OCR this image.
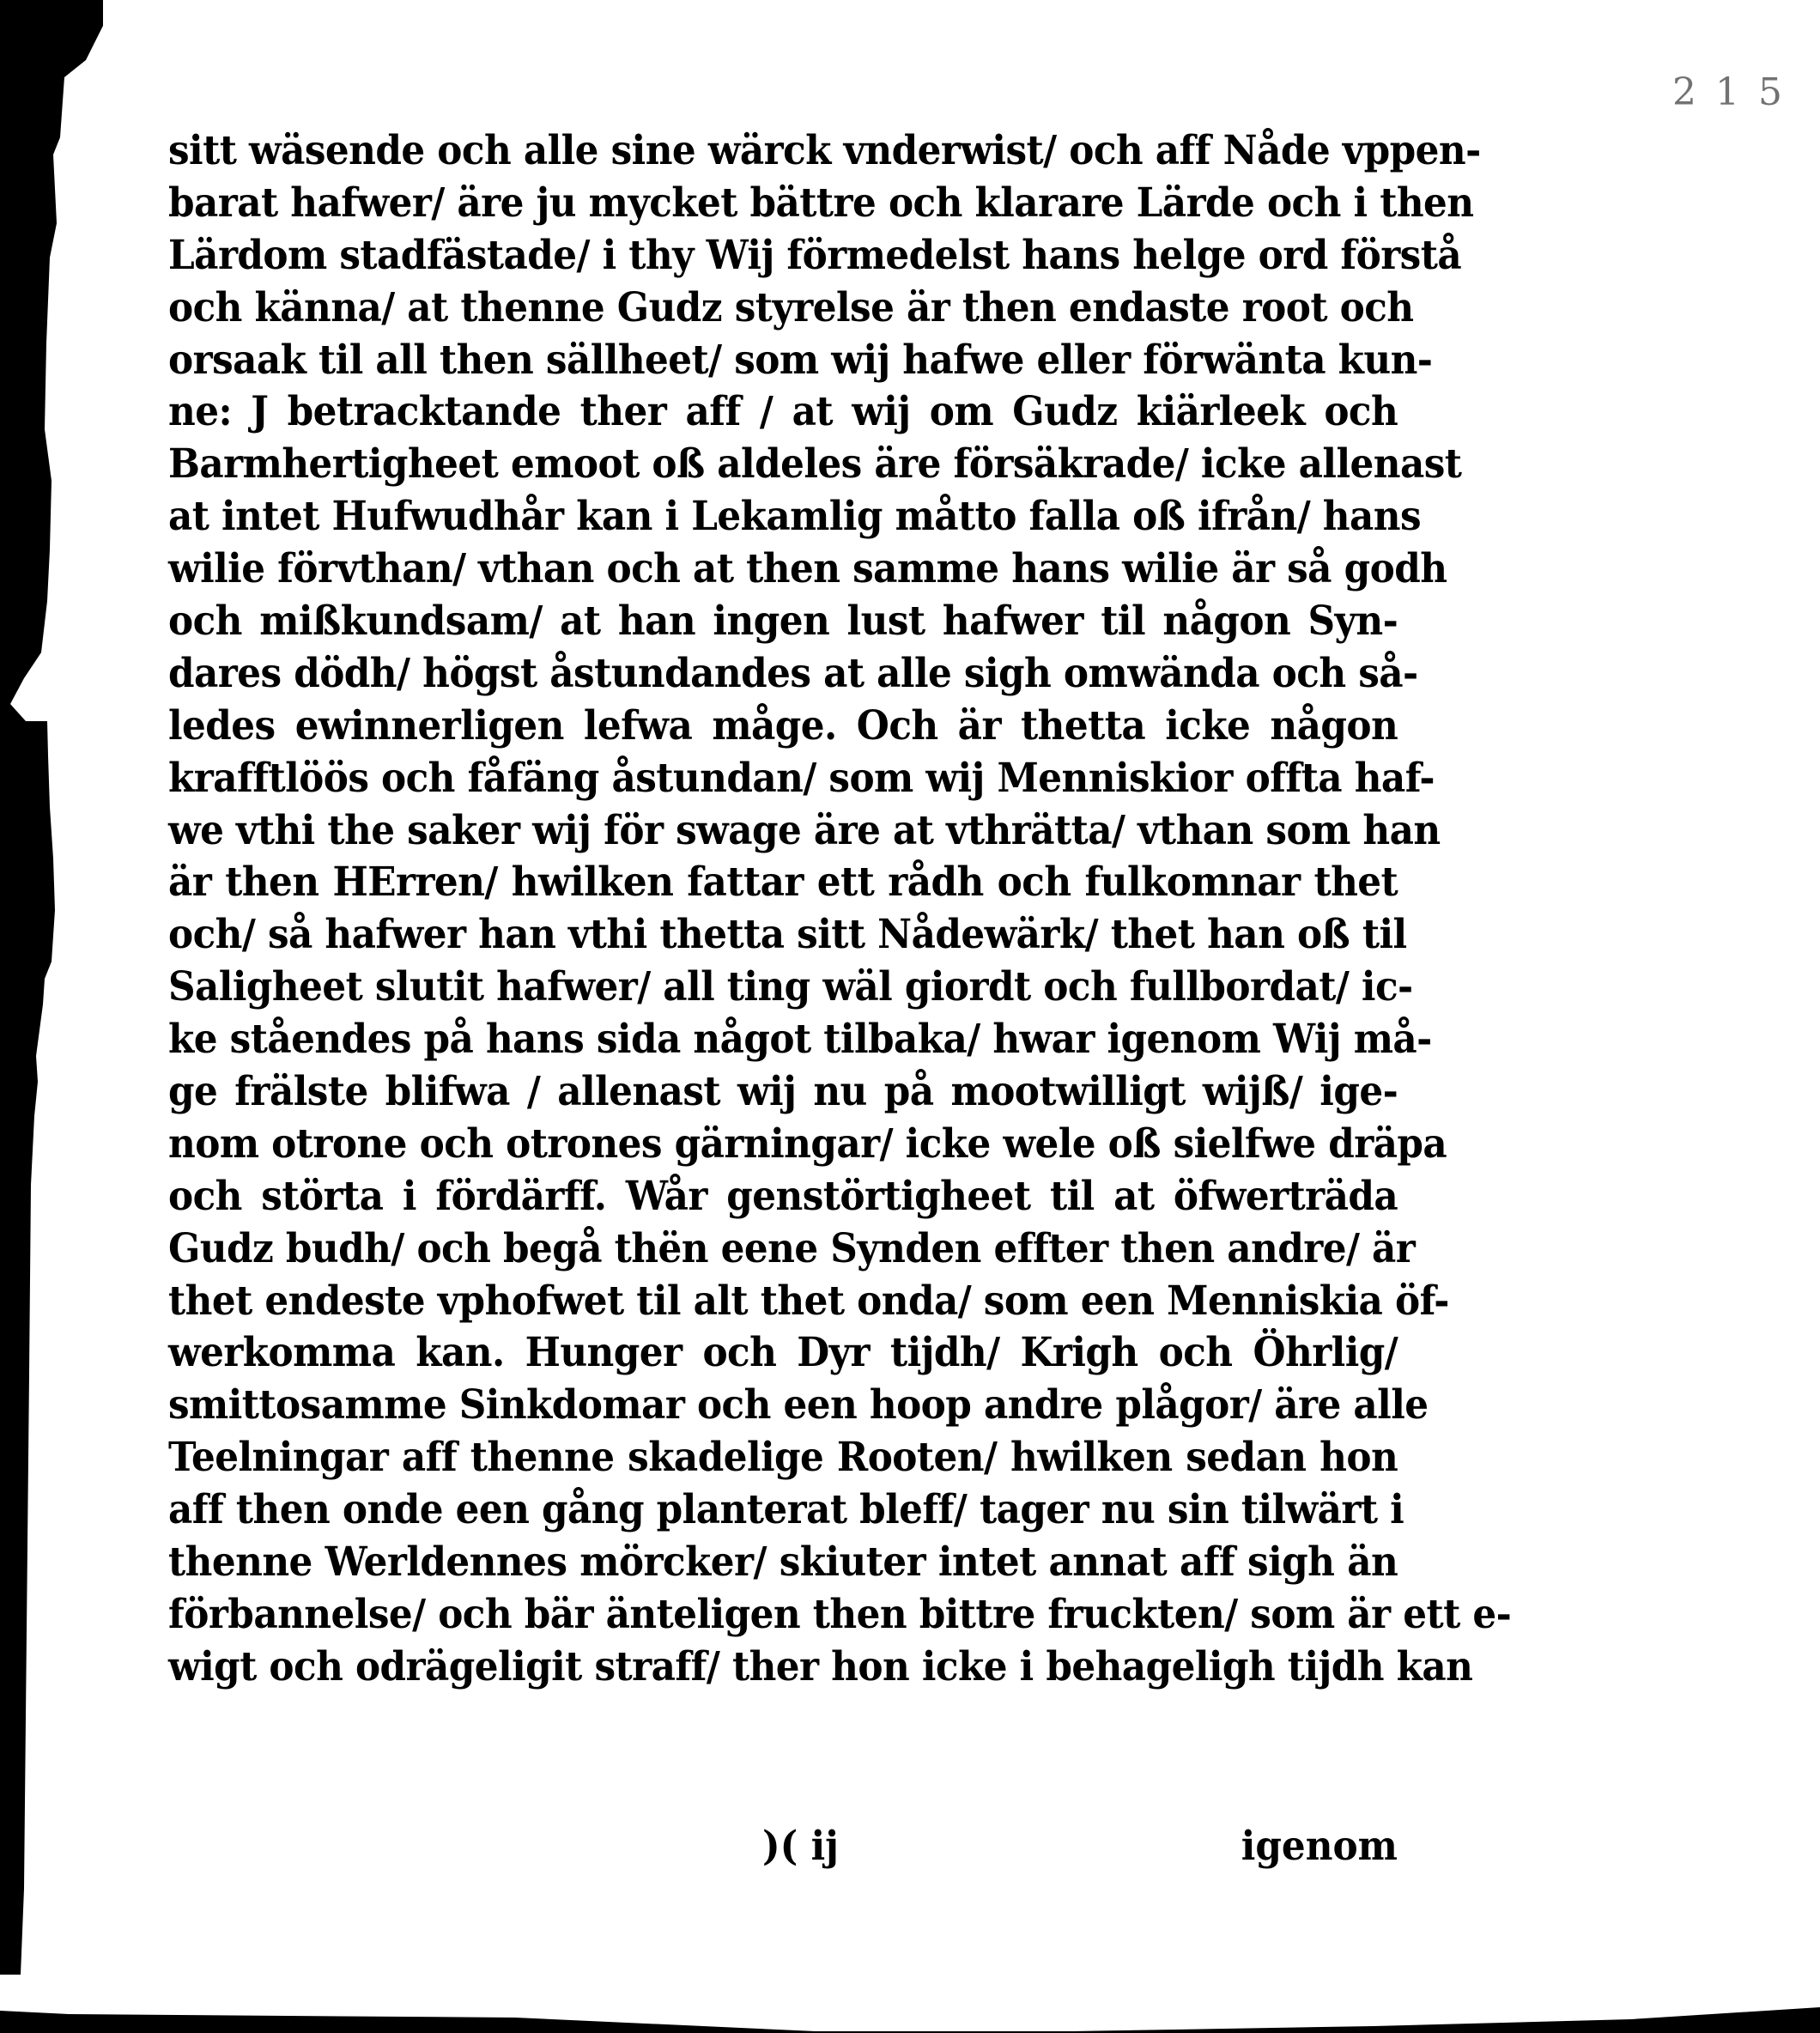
215
sitt wäsende och alle sine wärck vnderwist/ och aff Nåde vppen-
barat hafwer/ äre ju mycket bättre och klarare Lärde och i then
Lärdom stadfästade/ i thy Wij förmedelst hans helge ord förstå
och känna/ at thenne Gudz styrelse är then endaste root och
orsaak til all then sällheet/ som wij hafwe eller förwänta kun-
ne: J betracktande ther aff / at wij om Gudz kiärleek och
Barmhertigheet emoot oß aldeles äre försäkrade/ icke allenast
at intet Hufwudhår kan i Lekamlig måtto falla oß ifrån/ hans
wilie förvthan/ vthan och at then samme hans wilie är så godh
och mißkundsam/ at han ingen lust hafwer til någon Syn-
dares dödh/ högst åstundandes at alle sigh omwända och så-
ledes ewinnerligen lefwa måge. Och är thetta icke någon
krafftlöös och fåfäng åstundan/ som wij Menniskior offta haf-
we vthi the saker wij för swage äre at vthrätta/ vthan som han
är then HErren/ hwilken fattar ett rådh och fulkomnar thet
och/ så hafwer han vthi thetta sitt Nådewärk/ thet han oß til
Saligheet slutit hafwer/ all ting wäl giordt och fullbordat/ ic-
ke ståendes på hans sida något tilbaka/ hwar igenom Wij må-
ge frälste blifwa / allenast wij nu på mootwilligt wijß/ ige-
nom otrone och otrones gärningar/ icke wele oß sielfwe dräpa
och störta i fördärff. Wår genstörtigheet til at öfwerträda
Gudz budh/ och begå thën eene Synden effter then andre/ är
thet endeste vphofwet til alt thet onda/ som een Menniskia öf-
werkomma kan. Hunger och Dyr tijdh/ Krigh och Öhrlig/
smittosamme Sinkdomar och een hoop andre plågor/ äre alle
Teelningar aff thenne skadelige Rooten/ hwilken sedan hon
aff then onde een gång planterat bleff/ tager nu sin tilwärt i
thenne Werldennes mörcker/ skiuter intet annat aff sigh än
förbannelse/ och bär änteligen then bittre fruckten/ som är ett e-
wigt och odrägeligit straff/ ther hon icke i behageligh tijdh kan
)( ij	igenom
